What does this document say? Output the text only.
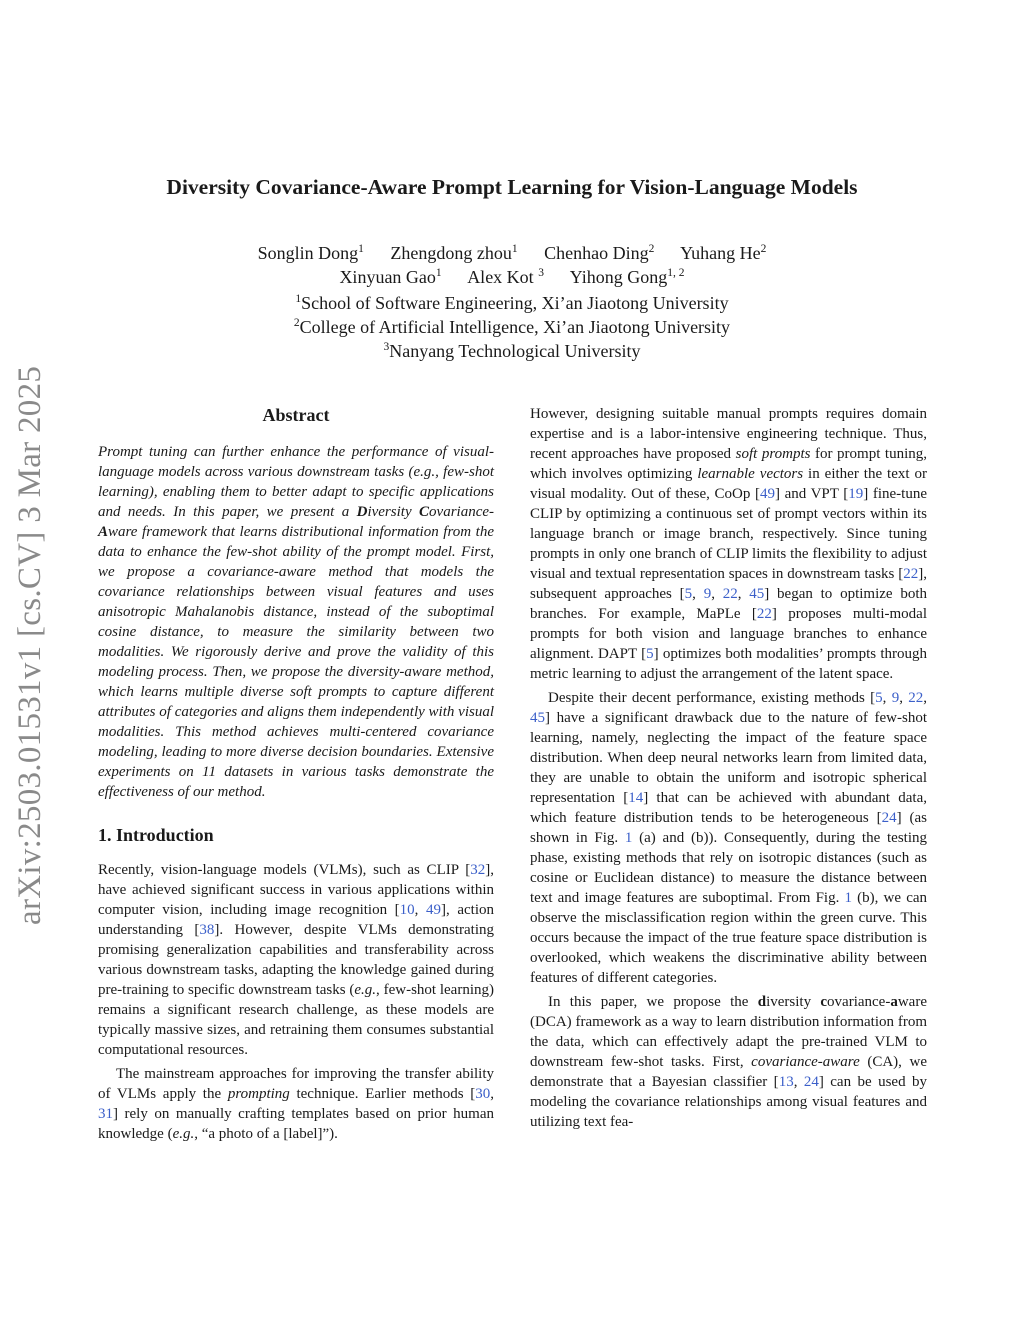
arXiv:2503.01531v1 [cs.CV] 3 Mar 2025
Diversity Covariance-Aware Prompt Learning for Vision-Language Models
Songlin Dong$^1$ Zhengdong zhou$^1$ Chenhao Ding$^2$ Yuhang He$^2$
Xinyuan Gao$^1$ Alex Kot $^3$ Yihong Gong$^{1, 2}$
$^1$School of Software Engineering, Xi’an Jiaotong University
$^2$College of Artificial Intelligence, Xi’an Jiaotong University
$^3$Nanyang Technological University
Abstract

Prompt tuning can further enhance the performance of visual-language models across various downstream tasks (e.g., few-shot learning), enabling them to better adapt to specific applications and needs. In this paper, we present a Diversity Covariance-Aware framework that learns distributional information from the data to enhance the few-shot ability of the prompt model. First, we propose a covariance-aware method that models the covariance relationships between visual features and uses anisotropic Mahalanobis distance, instead of the suboptimal cosine distance, to measure the similarity between two modalities. We rigorously derive and prove the validity of this modeling process. Then, we propose the diversity-aware method, which learns multiple diverse soft prompts to capture different attributes of categories and aligns them independently with visual modalities. This method achieves multi-centered covariance modeling, leading to more diverse decision boundaries. Extensive experiments on 11 datasets in various tasks demonstrate the effectiveness of our method.

1. Introduction

Recently, vision-language models (VLMs), such as CLIP [32], have achieved significant success in various applications within computer vision, including image recognition [10, 49], action understanding [38]. However, despite VLMs demonstrating promising generalization capabilities and transferability across various downstream tasks, adapting the knowledge gained during pre-training to specific downstream tasks (e.g., few-shot learning) remains a significant research challenge, as these models are typically massive sizes, and retraining them consumes substantial computational resources.

The mainstream approaches for improving the transfer ability of VLMs apply the prompting technique. Earlier methods [30, 31] rely on manually crafting templates based on prior human knowledge (e.g., “a photo of a [label]”).

However, designing suitable manual prompts requires domain expertise and is a labor-intensive engineering technique. Thus, recent approaches have proposed soft prompts for prompt tuning, which involves optimizing learnable vectors in either the text or visual modality. Out of these, CoOp [49] and VPT [19] fine-tune CLIP by optimizing a continuous set of prompt vectors within its language branch or image branch, respectively. Since tuning prompts in only one branch of CLIP limits the flexibility to adjust visual and textual representation spaces in downstream tasks [22], subsequent approaches [5, 9, 22, 45] began to optimize both branches. For example, MaPLe [22] proposes multi-modal prompts for both vision and language branches to enhance alignment. DAPT [5] optimizes both modalities’ prompts through metric learning to adjust the arrangement of the latent space.

Despite their decent performance, existing methods [5, 9, 22, 45] have a significant drawback due to the nature of few-shot learning, namely, neglecting the impact of the feature space distribution. When deep neural networks learn from limited data, they are unable to obtain the uniform and isotropic spherical representation [14] that can be achieved with abundant data, which feature distribution tends to be heterogeneous [24] (as shown in Fig. 1 (a) and (b)). Consequently, during the testing phase, existing methods that rely on isotropic distances (such as cosine or Euclidean distance) to measure the distance between text and image features are suboptimal. From Fig. 1 (b), we can observe the misclassification region within the green curve. This occurs because the impact of the true feature space distribution is overlooked, which weakens the discriminative ability between features of different categories.

In this paper, we propose the diversity covariance-aware (DCA) framework as a way to learn distribution information from the data, which can effectively adapt the pre-trained VLM to downstream few-shot tasks. First, covariance-aware (CA), we demonstrate that a Bayesian classifier [13, 24] can be used by modeling the covariance relationships among visual features and utilizing text fea-
